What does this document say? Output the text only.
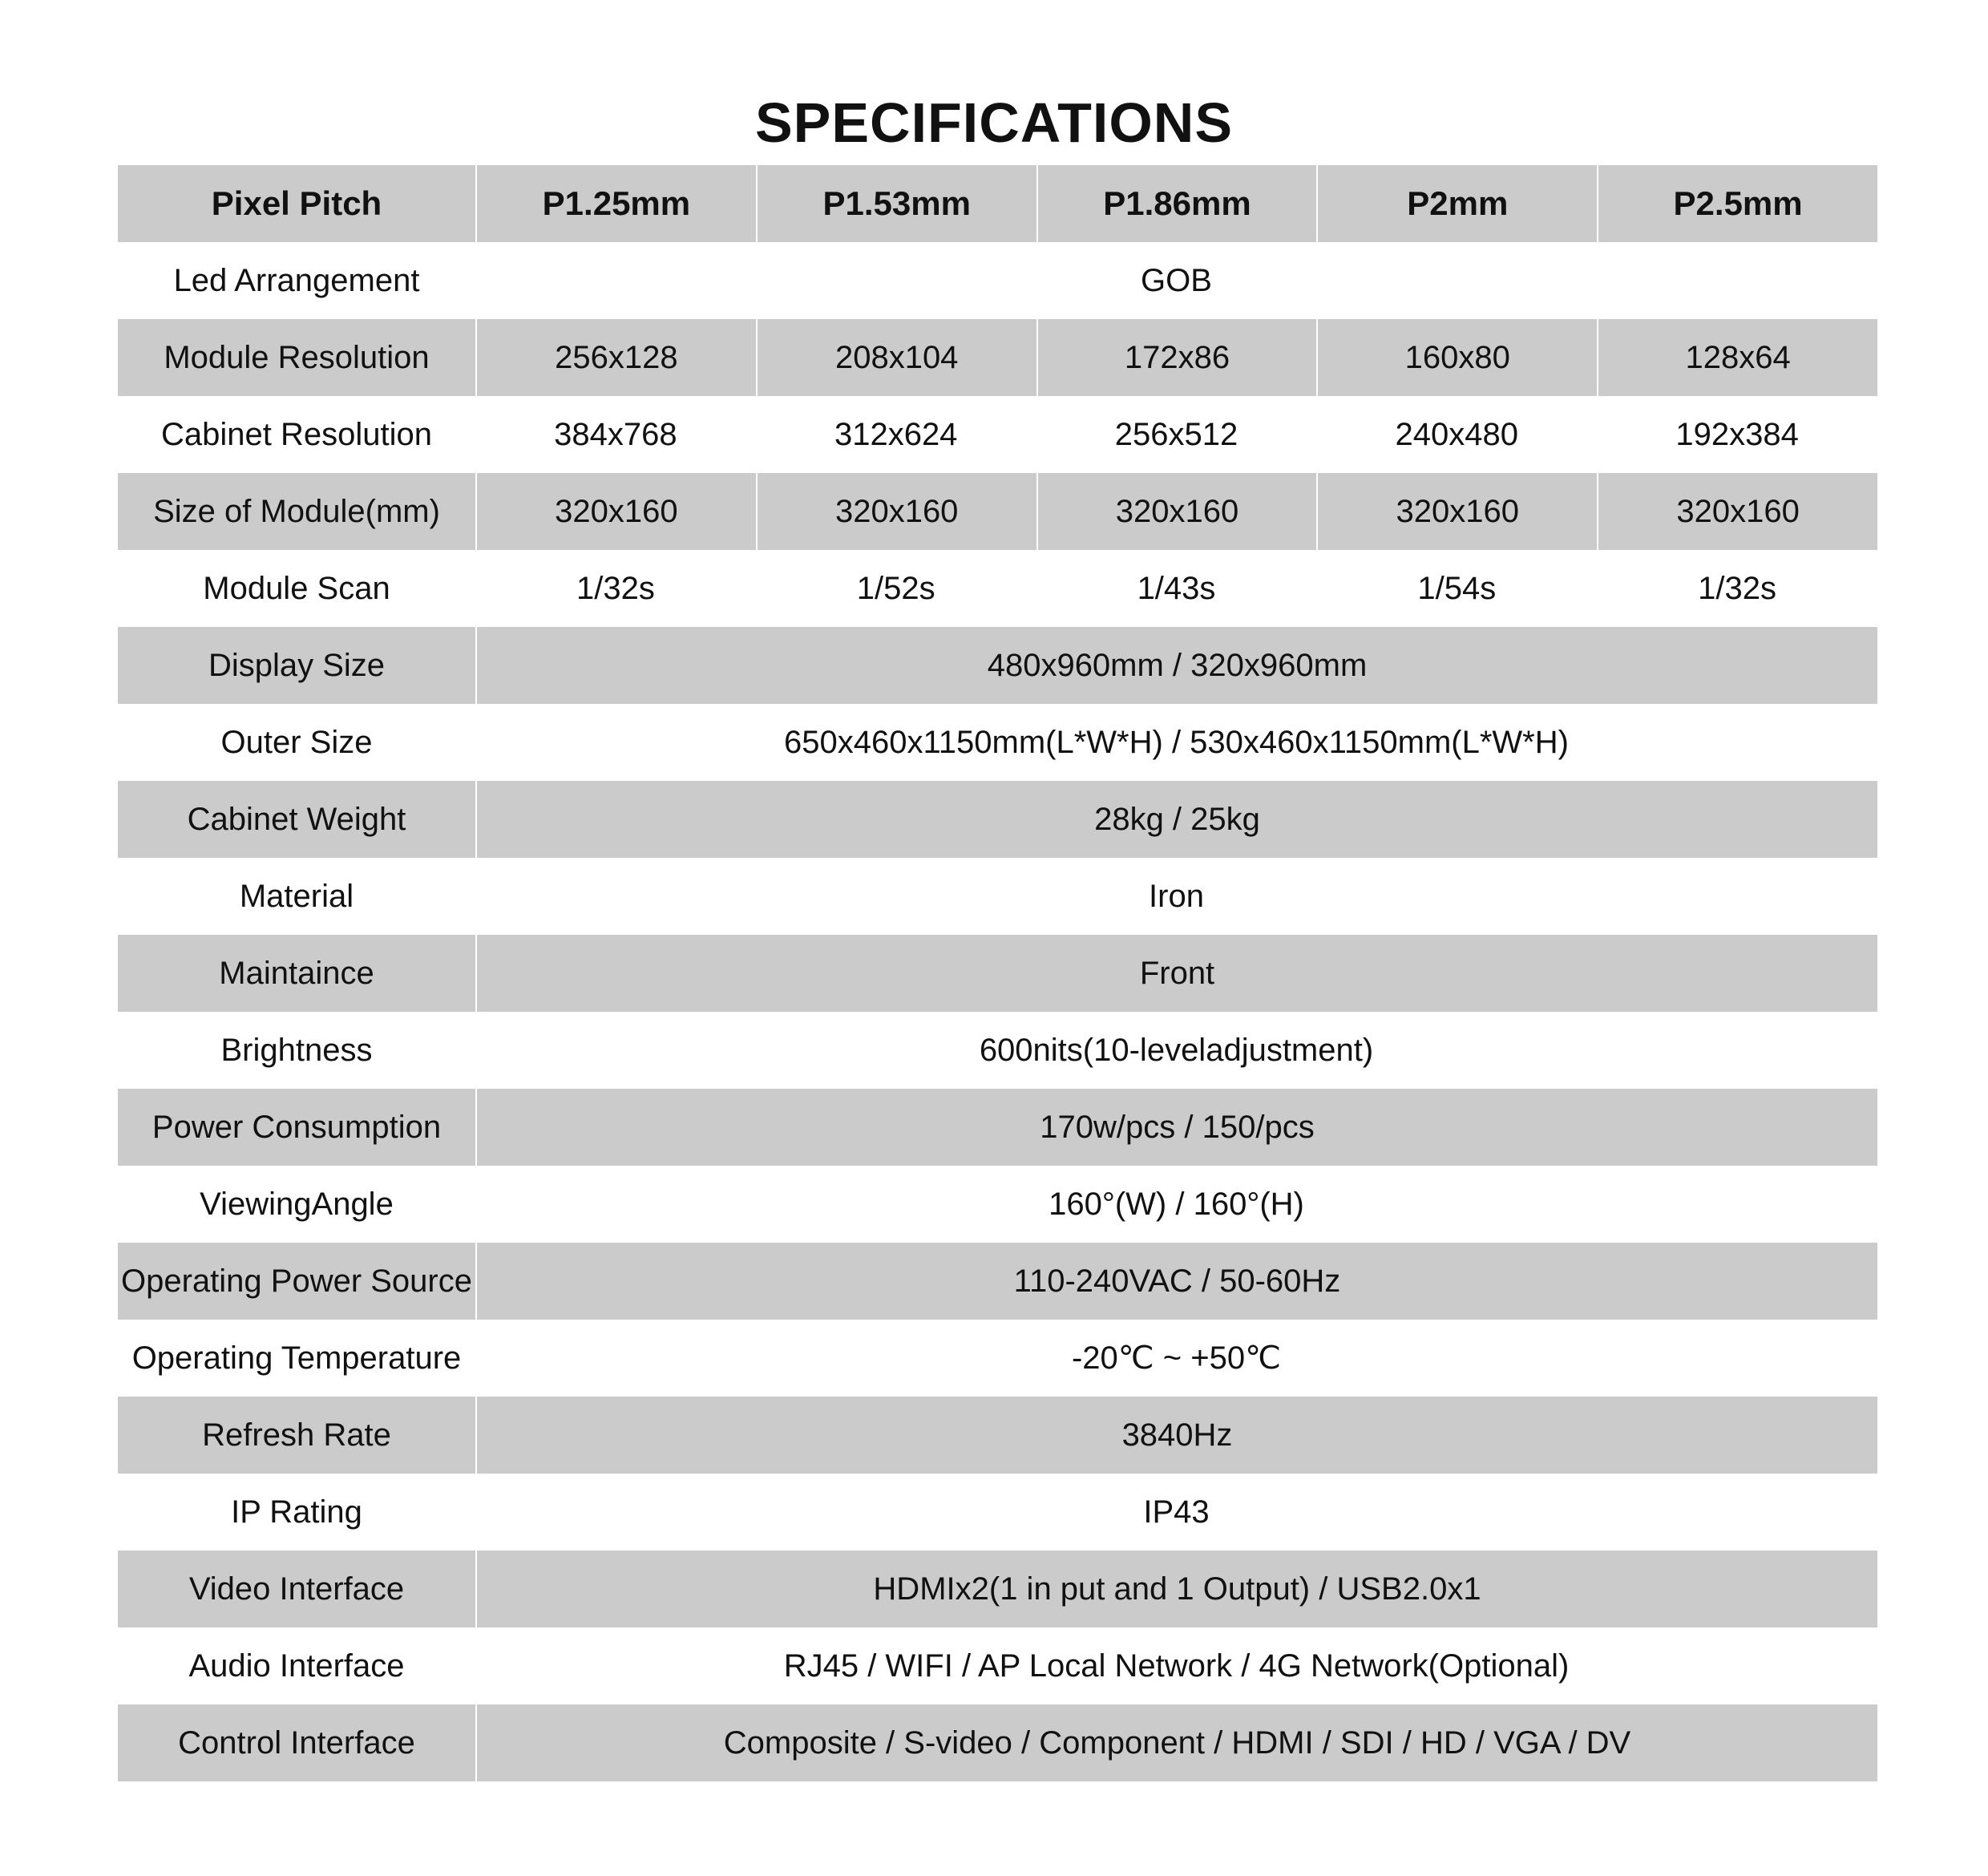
SPECIFICATIONS
Pixel Pitch	P1.25mm	P1.53mm	P1.86mm	P2mm	P2.5mm
Led Arrangement	GOB
Module Resolution	256x128	208x104	172x86	160x80	128x64
Cabinet Resolution	384x768	312x624	256x512	240x480	192x384
Size of Module(mm)	320x160	320x160	320x160	320x160	320x160
Module Scan	1/32s	1/52s	1/43s	1/54s	1/32s
Display Size	480x960mm / 320x960mm
Outer Size	650x460x1150mm(L*W*H) / 530x460x1150mm(L*W*H)
Cabinet Weight	28kg / 25kg
Material	Iron
Maintaince	Front
Brightness	600nits(10-leveladjustment)
Power Consumption	170w/pcs / 150/pcs
ViewingAngle	160°(W) / 160°(H)
Operating Power Source	110-240VAC / 50-60Hz
Operating Temperature	-20℃ ~ +50℃
Refresh Rate	3840Hz
IP Rating	IP43
Video Interface	HDMIx2(1 in put and 1 Output) / USB2.0x1
Audio Interface	RJ45 / WIFI / AP Local Network / 4G Network(Optional)
Control Interface	Composite / S-video / Component / HDMI / SDI / HD / VGA / DV
